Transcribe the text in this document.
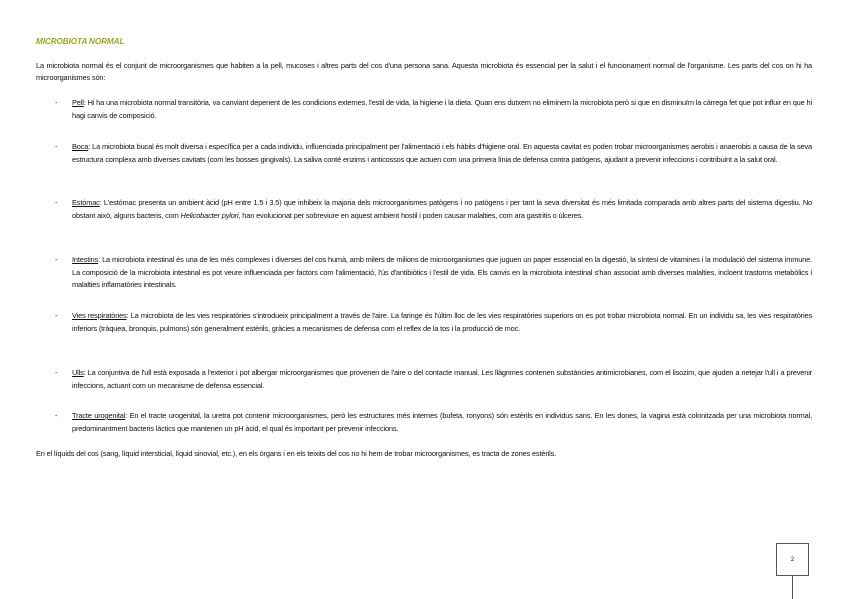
MICROBIOTA NORMAL
La microbiota normal és el conjunt de microorganismes que habiten a la pell, mucoses i altres parts del cos d'una persona sana. Aquesta microbiota és essencial per la salut i el funcionament normal de l'organisme. Les parts del cos on hi ha microorganismes són:
- Pell: Hi ha una microbiota normal transitòria, va canviant depenent de les condicions externes, l'estil de vida, la higiene i la dieta. Quan ens dutxem no eliminem la microbiota però si que en disminuïm la càrrega fet que pot influir en que hi hagi canvis de composició.
- Boca: La microbiota bucal és molt diversa i específica per a cada individu, influenciada principalment per l'alimentació i els hàbits d'higiene oral. En aquesta cavitat es poden trobar microorganismes aerobis i anaerobis a causa de la seva estructura complexa amb diverses cavitats (com les bosses gingivals). La saliva conté enzims i anticossos que actuen com una primera línia de defensa contra patògens, ajudant a prevenir infeccions i contribuint a la salut oral.
- Estómac: L'estómac presenta un ambient àcid (pH entre 1.5 i 3.5) que inhibeix la majoria dels microorganismes patògens i no patògens i per tant la seva diversitat és més limitada comparada amb altres parts del sistema digestiu. No obstant això, alguns bacteris, com Helicobacter pylori, han evolucionat per sobreviure en aquest ambient hostil i poden causar malalties, com ara gastritis o úlceres.
- Intestins: La microbiota intestinal és una de les més complexes i diverses del cos humà, amb milers de milions de microorganismes que juguen un paper essencial en la digestió, la síntesi de vitamines i la modulació del sistema immune. La composició de la microbiota intestinal es pot veure influenciada per factors com l'alimentació, l'ús d'antibiòtics i l'estil de vida. Els canvis en la microbiota intestinal s'han associat amb diverses malalties, incloent trastorns metabòlics i malalties inflamatòries intestinals.
- Vies respiratòries: La microbiota de les vies respiratòries s'introdueix principalment a través de l'aire. La faringe és l'últim lloc de les vies respiratòries superiors on es pot trobar microbiota normal. En un individu sa, les vies respiratòries inferiors (tràquea, bronquis, pulmons) són generalment estèrils, gràcies a mecanismes de defensa com el reflex de la tos i la producció de moc.
- Ulls: La conjuntiva de l'ull està exposada a l'exterior i pot albergar microorganismes que provenen de l'aire o del contacte manual. Les llàgrimes contenen substàncies antimicrobianes, com el lisozim, que ajuden a netejar l'ull i a prevenir infeccions, actuant com un mecanisme de defensa essencial.
- Tracte urogenital: En el tracte urogenital, la uretra pot contenir microorganismes, però les estructures més internes (bufeta, ronyons) són estèrils en individus sans. En les dones, la vagina està colonitzada per una microbiota normal, predominantment bacteris làctics que mantenen un pH àcid, el qual és important per prevenir infeccions.
En el líquids del cos (sang, líquid intersticial, líquid sinovial, etc.), en els òrgans i en els teixits del cos no hi hem de trobar microorganismes, es tracta de zones estèrils.
2
